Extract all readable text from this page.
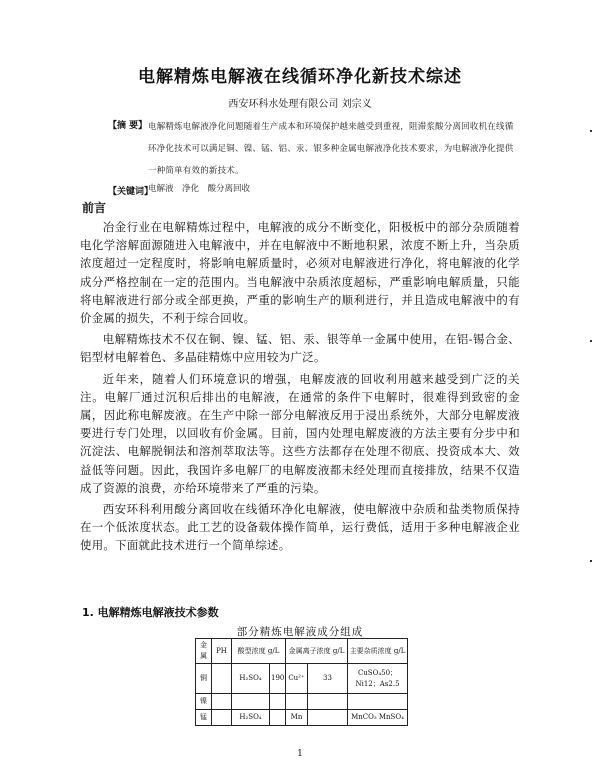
电解精炼电解液在线循环净化新技术综述
西安环科水处理有限公司 刘宗义
【摘 要】 电解精炼电解液净化问题随着生产成本和环境保护越来越受到重视，阻滞浆酸分离回收机在线循环净化技术可以满足铜、镍、锰、铝、汞、银多种金属电解液净化技术要求，为电解液净化提供一种简单有效的新技术。
【关键词】
电解液　净化　酸分离回收
前言

冶金行业在电解精炼过程中，电解液的成分不断变化，阳极板中的部分杂质随着电化学溶解面源随进入电解液中，并在电解液中不断地积累，浓度不断上升，当杂质浓度超过一定程度时，将影响电解质量时，必须对电解液进行净化，将电解液的化学成分严格控制在一定的范围内。当电解液中杂质浓度超标，严重影响电解质量，只能将电解液进行部分或全部更换，严重的影响生产的顺利进行，并且造成电解液中的有价金属的损失，不利于综合回收。

电解精炼技术不仅在铜、镍、锰、铝、汞、银等单一金属中使用，在铝-锡合金、铝型材电解着色、多晶硅精炼中应用较为广泛。

近年来，随着人们环境意识的增强，电解废液的回收利用越来越受到广泛的关注。电解厂通过沉积后排出的电解液，在通常的条件下电解时，很难得到致密的金属，因此称电解废液。在生产中除一部分电解液反用于浸出系统外，大部分电解废液要进行专门处理，以回收有价金属。目前，国内处理电解废液的方法主要有分步中和沉淀法、电解脱铜法和溶剂萃取法等。这些方法都存在处理不彻底、投资成本大、效益低等问题。因此，我国许多电解厂的电解废液都未经处理而直接排放，结果不仅造成了资源的浪费，亦给环境带来了严重的污染。

西安环科利用酸分离回收在线循环净化电解液，使电解液中杂质和盐类物质保持在一个低浓度状态。此工艺的设备载体操作简单，运行费低，适用于多种电解液企业使用。下面就此技术进行一个简单综述。

1. 电解精炼电解液技术参数
部分精炼电解液成分组成
金属	PH	酸型浓度 g/L		金属离子浓度 g/L		主要杂质浓度 g/L
铜		H₂SO₄	190	Cu²⁺	33	CuSO₄50；Ni12；As2.5
镍						
锰		H₂SO₄		Mn		MnCO₃ MnSO₄
1
